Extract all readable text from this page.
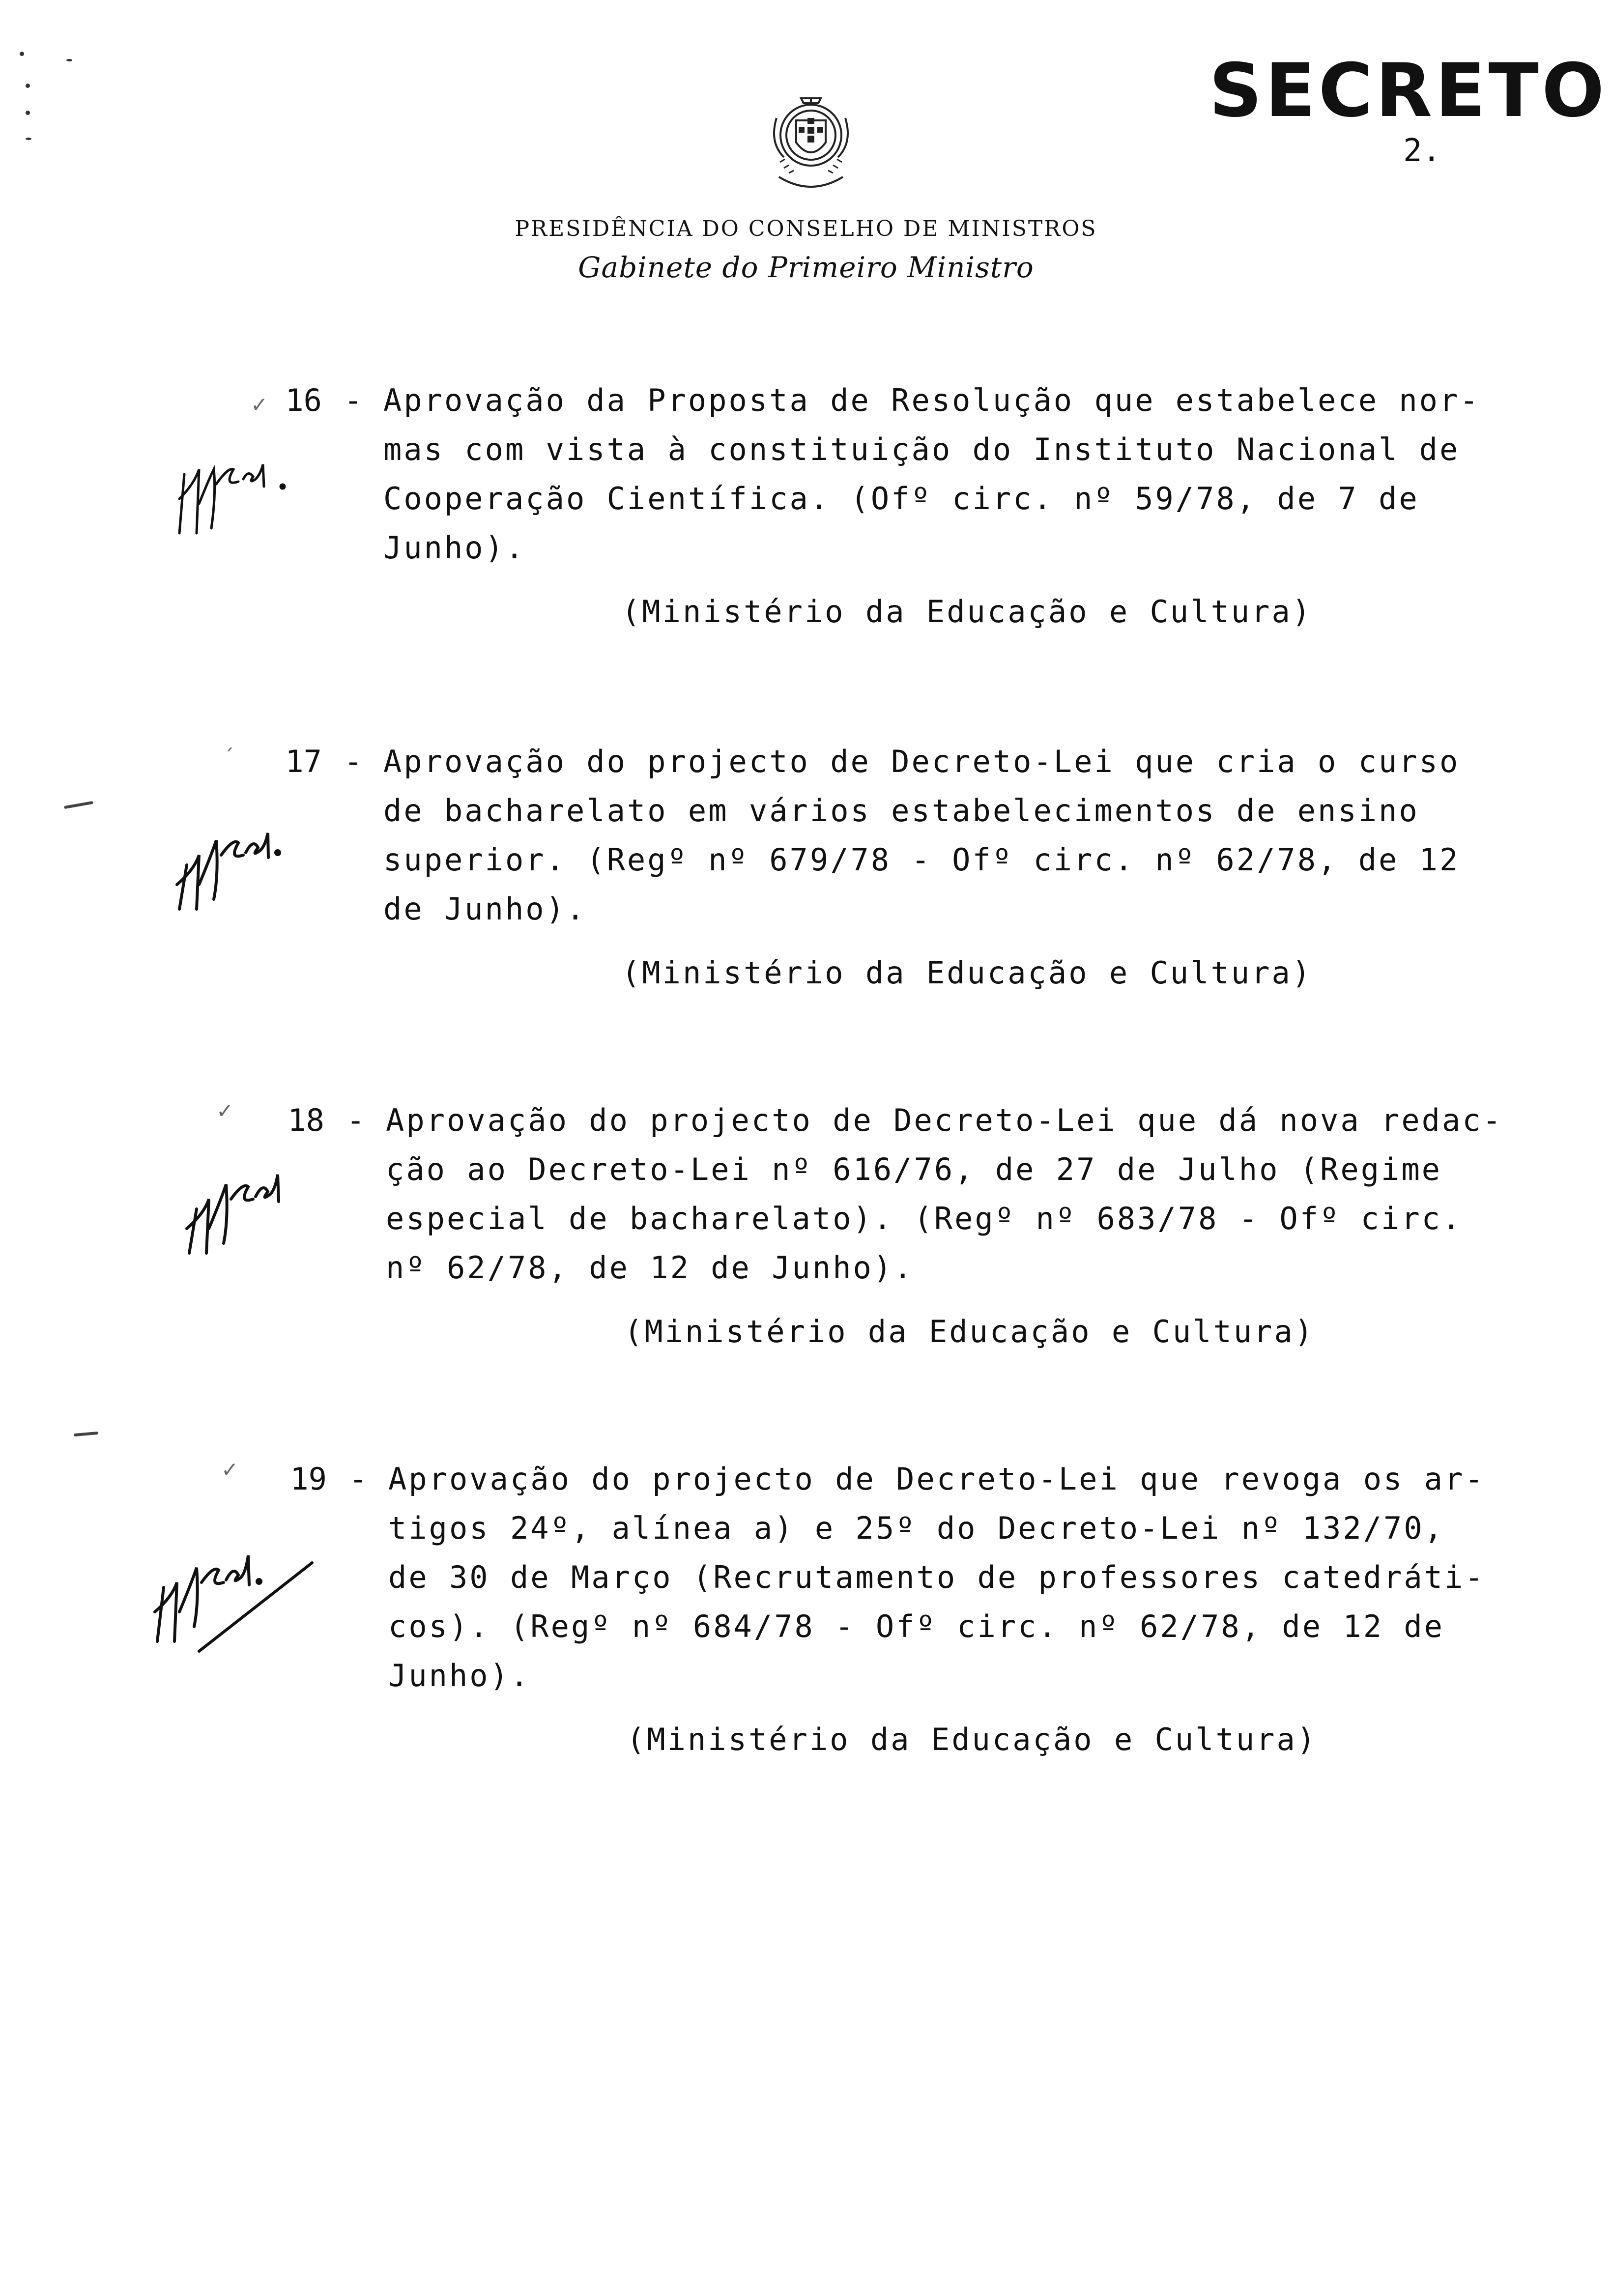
SECRETO
2.
PRESIDÊNCIA DO CONSELHO DE MINISTROS
Gabinete do Primeiro Ministro
✓ 16 - Aprovação da Proposta de Resolução que estabelece nor-
mas com vista à constituição do Instituto Nacional de
Cooperação Científica. (Ofº circ. nº 59/78, de 7 de
Junho).
(Ministério da Educação e Cultura)
´	17 - Aprovação do projecto de Decreto-Lei que cria o curso
de bacharelato em vários estabelecimentos de ensino
superior. (Regº nº 679/78 - Ofº circ. nº 62/78, de 12
de Junho).
(Ministério da Educação e Cultura)
✓	18 - Aprovação do projecto de Decreto-Lei que dá nova redac-
ção ao Decreto-Lei nº 616/76, de 27 de Julho (Regime
especial de bacharelato). (Regº nº 683/78 - Ofº circ.
nº 62/78, de 12 de Junho).
(Ministério da Educação e Cultura)
✓	19 - Aprovação do projecto de Decreto-Lei que revoga os ar-
tigos 24º, alínea a) e 25º do Decreto-Lei nº 132/70,
de 30 de Março (Recrutamento de professores catedráti-
cos). (Regº nº 684/78 - Ofº circ. nº 62/78, de 12 de
Junho).
(Ministério da Educação e Cultura)
